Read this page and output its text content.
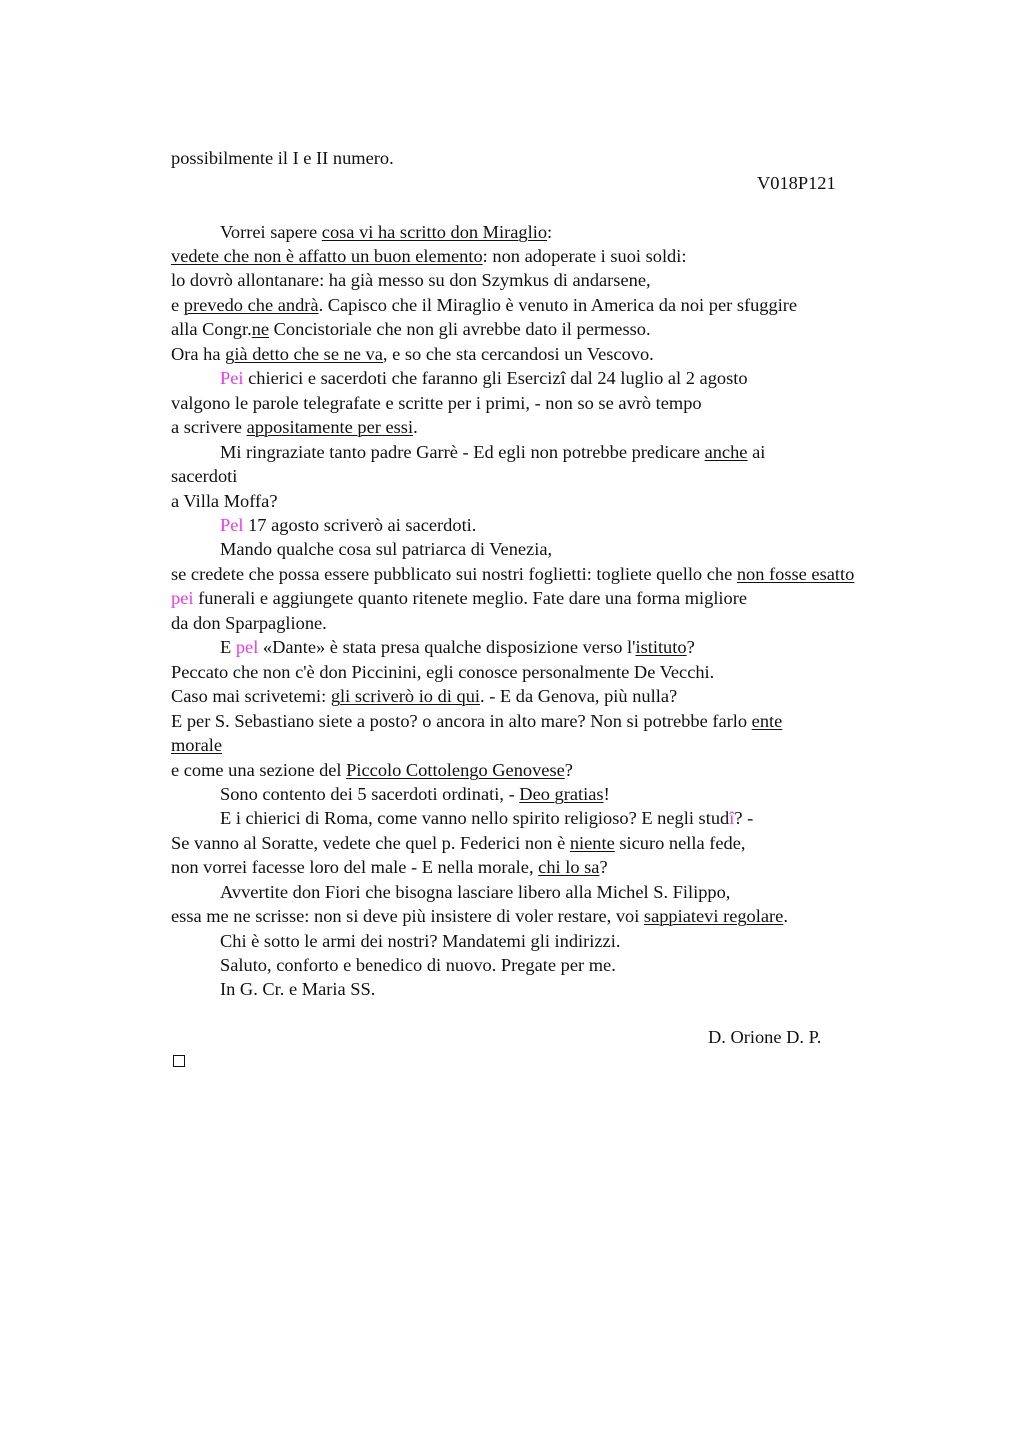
possibilmente il I e II numero.
V018P121
Vorrei sapere cosa vi ha scritto don Miraglio:
vedete che non è affatto un buon elemento: non adoperate i suoi soldi:
lo dovrò allontanare: ha già messo su don Szymkus di andarsene,
e prevedo che andrà. Capisco che il Miraglio è venuto in America da noi per sfuggire
alla Congr.ne Concistoriale che non gli avrebbe dato il permesso.
Ora ha già detto che se ne va, e so che sta cercandosi un Vescovo.
Pei chierici e sacerdoti che faranno gli Esercizî dal 24 luglio al 2 agosto
valgono le parole telegrafate e scritte per i primi, - non so se avrò tempo
a scrivere appositamente per essi.
Mi ringraziate tanto padre Garrè - Ed egli non potrebbe predicare anche ai
sacerdoti
a Villa Moffa?
Pel 17 agosto scriverò ai sacerdoti.
Mando qualche cosa sul patriarca di Venezia,
se credete che possa essere pubblicato sui nostri foglietti: togliete quello che non fosse esatto
pei funerali e aggiungete quanto ritenete meglio. Fate dare una forma migliore
da don Sparpaglione.
E pel «Dante» è stata presa qualche disposizione verso l'istituto?
Peccato che non c'è don Piccinini, egli conosce personalmente De Vecchi.
Caso mai scrivetemi: gli scriverò io di qui. - E da Genova, più nulla?
E per S. Sebastiano siete a posto? o ancora in alto mare? Non si potrebbe farlo ente
morale
e come una sezione del Piccolo Cottolengo Genovese?
Sono contento dei 5 sacerdoti ordinati, - Deo gratias!
E i chierici di Roma, come vanno nello spirito religioso? E negli studî? -
Se vanno al Soratte, vedete che quel p. Federici non è niente sicuro nella fede,
non vorrei facesse loro del male - E nella morale, chi lo sa?
Avvertite don Fiori che bisogna lasciare libero alla Michel S. Filippo,
essa me ne scrisse: non si deve più insistere di voler restare, voi sappiatevi regolare.
Chi è sotto le armi dei nostri? Mandatemi gli indirizzi.
Saluto, conforto e benedico di nuovo. Pregate per me.
In G. Cr. e Maria SS.
D. Orione D. P.
